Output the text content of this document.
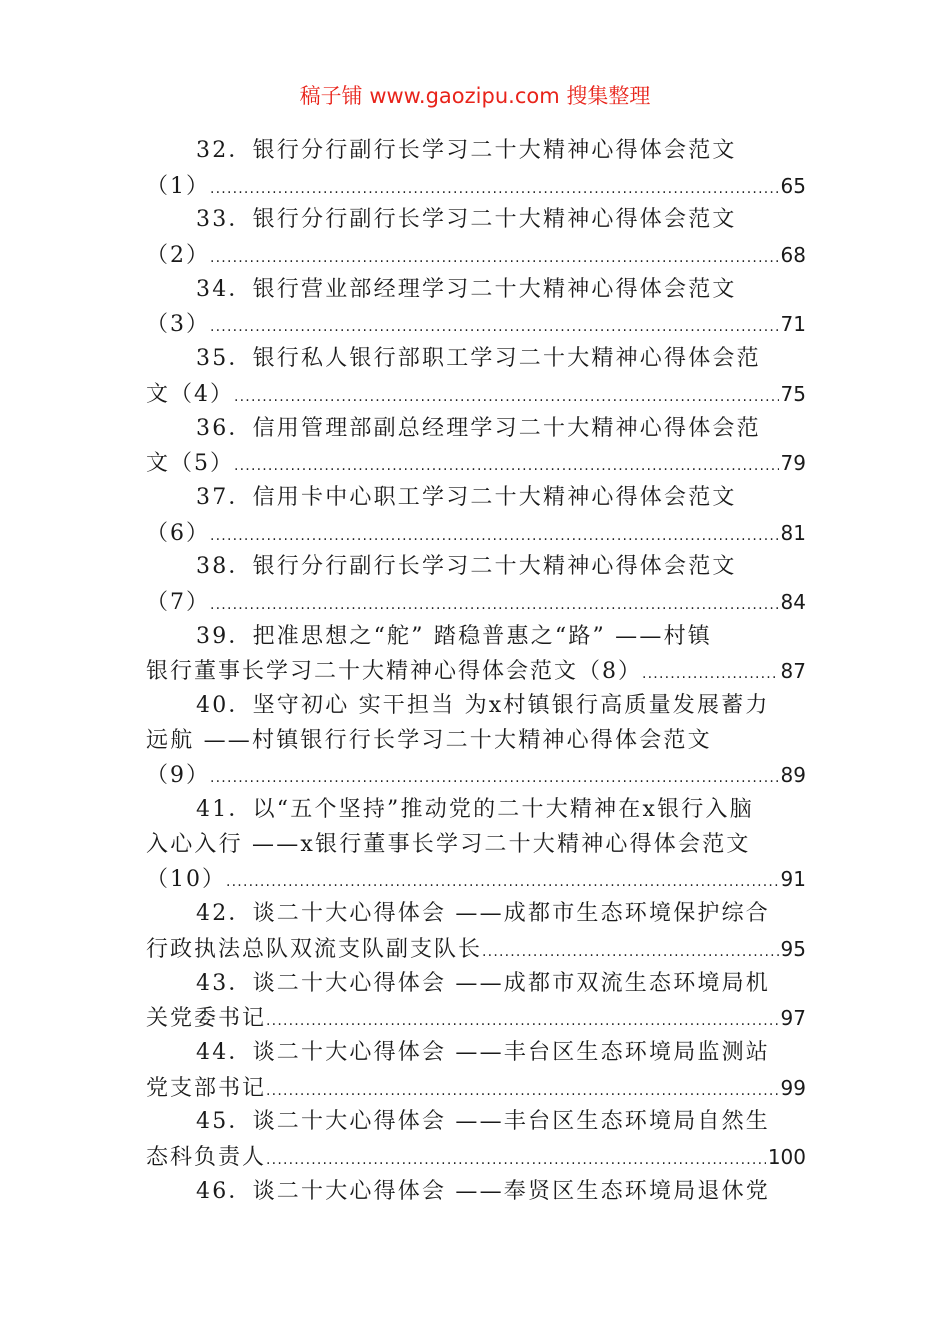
稿子铺 www.gaozipu.com 搜集整理
32．银行分行副行长学习二十大精神心得体会范文
（1） .....	65
33．银行分行副行长学习二十大精神心得体会范文
（2） .....	68
34．银行营业部经理学习二十大精神心得体会范文
（3） .....	71
35．银行私人银行部职工学习二十大精神心得体会范
文（4） .....	75
36．信用管理部副总经理学习二十大精神心得体会范
文（5） .....	79
37．信用卡中心职工学习二十大精神心得体会范文
（6） .....	81
38．银行分行副行长学习二十大精神心得体会范文
（7） .....	84
39．把准思想之“舵” 踏稳普惠之“路” ——村镇
银行董事长学习二十大精神心得体会范文（8） .....	87
40．坚守初心 实干担当 为x村镇银行高质量发展蓄力
远航 ——村镇银行行长学习二十大精神心得体会范文
（9） .....	89
41．以“五个坚持”推动党的二十大精神在x银行入脑
入心入行 ——x银行董事长学习二十大精神心得体会范文
（10） .....	91
42．谈二十大心得体会 ——成都市生态环境保护综合
行政执法总队双流支队副支队长 .....	95
43．谈二十大心得体会 ——成都市双流生态环境局机
关党委书记 .....	97
44．谈二十大心得体会 ——丰台区生态环境局监测站
党支部书记 .....	99
45．谈二十大心得体会 ——丰台区生态环境局自然生
态科负责人 .....	100
46．谈二十大心得体会 ——奉贤区生态环境局退休党
